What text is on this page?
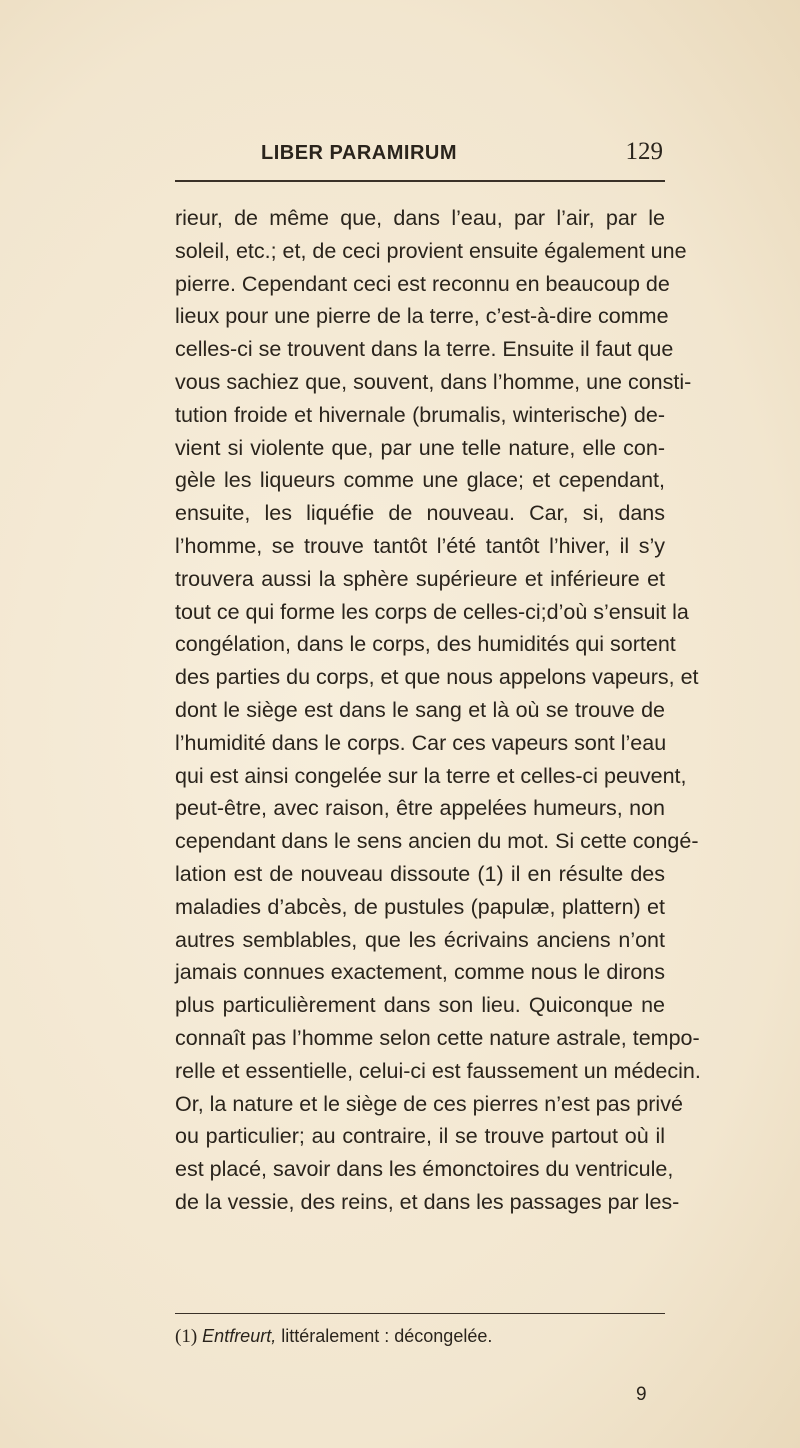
LIBER PARAMIRUM	129
rieur, de même que, dans l’eau, par l’air, par le
soleil, etc.; et, de ceci provient ensuite également une
pierre. Cependant ceci est reconnu en beaucoup de
lieux pour une pierre de la terre, c’est-à-dire comme
celles-ci se trouvent dans la terre. Ensuite il faut que
vous sachiez que, souvent, dans l’homme, une consti-
tution froide et hivernale (brumalis, winterische) de-
vient si violente que, par une telle nature, elle con-
gèle les liqueurs comme une glace; et cependant,
ensuite, les liquéfie de nouveau. Car, si, dans
l’homme, se trouve tantôt l’été tantôt l’hiver, il s’y
trouvera aussi la sphère supérieure et inférieure et
tout ce qui forme les corps de celles-ci;d’où s’ensuit la
congélation, dans le corps, des humidités qui sortent
des parties du corps, et que nous appelons vapeurs, et
dont le siège est dans le sang et là où se trouve de
l’humidité dans le corps. Car ces vapeurs sont l’eau
qui est ainsi congelée sur la terre et celles-ci peuvent,
peut-être, avec raison, être appelées humeurs, non
cependant dans le sens ancien du mot. Si cette congé-
lation est de nouveau dissoute (1) il en résulte des
maladies d’abcès, de pustules (papulæ, plattern) et
autres semblables, que les écrivains anciens n’ont
jamais connues exactement, comme nous le dirons
plus particulièrement dans son lieu. Quiconque ne
connaît pas l’homme selon cette nature astrale, tempo-
relle et essentielle, celui-ci est faussement un médecin.
Or, la nature et le siège de ces pierres n’est pas privé
ou particulier; au contraire, il se trouve partout où il
est placé, savoir dans les émonctoires du ventricule,
de la vessie, des reins, et dans les passages par les-
(1) Entfreurt, littéralement : décongelée.
9
